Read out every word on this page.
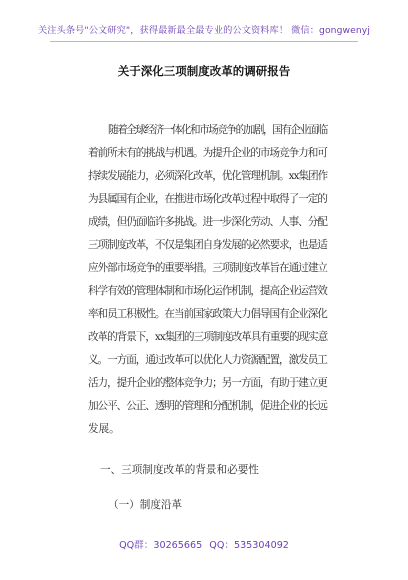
关注头条号"公文研究"，获得最新最全最专业的公文资料库！ 微信：gongwenyj
关于深化三项制度改革的调研报告
随着全球经济一体化和市场竞争的加剧，国有企业面临
着前所未有的挑战与机遇。为提升企业的市场竞争力和可
持续发展能力，必须深化改革，优化管理机制。xx集团作
为县属国有企业，在推进市场化改革过程中取得了一定的
成绩，但仍面临许多挑战。进一步深化劳动、人事、分配
三项制度改革，不仅是集团自身发展的必然要求，也是适
应外部市场竞争的重要举措。三项制度改革旨在通过建立
科学有效的管理体制和市场化运作机制，提高企业运营效
率和员工积极性。在当前国家政策大力倡导国有企业深化
改革的背景下，xx集团的三项制度改革具有重要的现实意
义。一方面，通过改革可以优化人力资源配置，激发员工
活力，提升企业的整体竞争力；另一方面，有助于建立更
加公平、公正、透明的管理和分配机制，促进企业的长远
发展。
一、三项制度改革的背景和必要性
（一）制度沿革
QQ群：30265665 QQ：535304092
